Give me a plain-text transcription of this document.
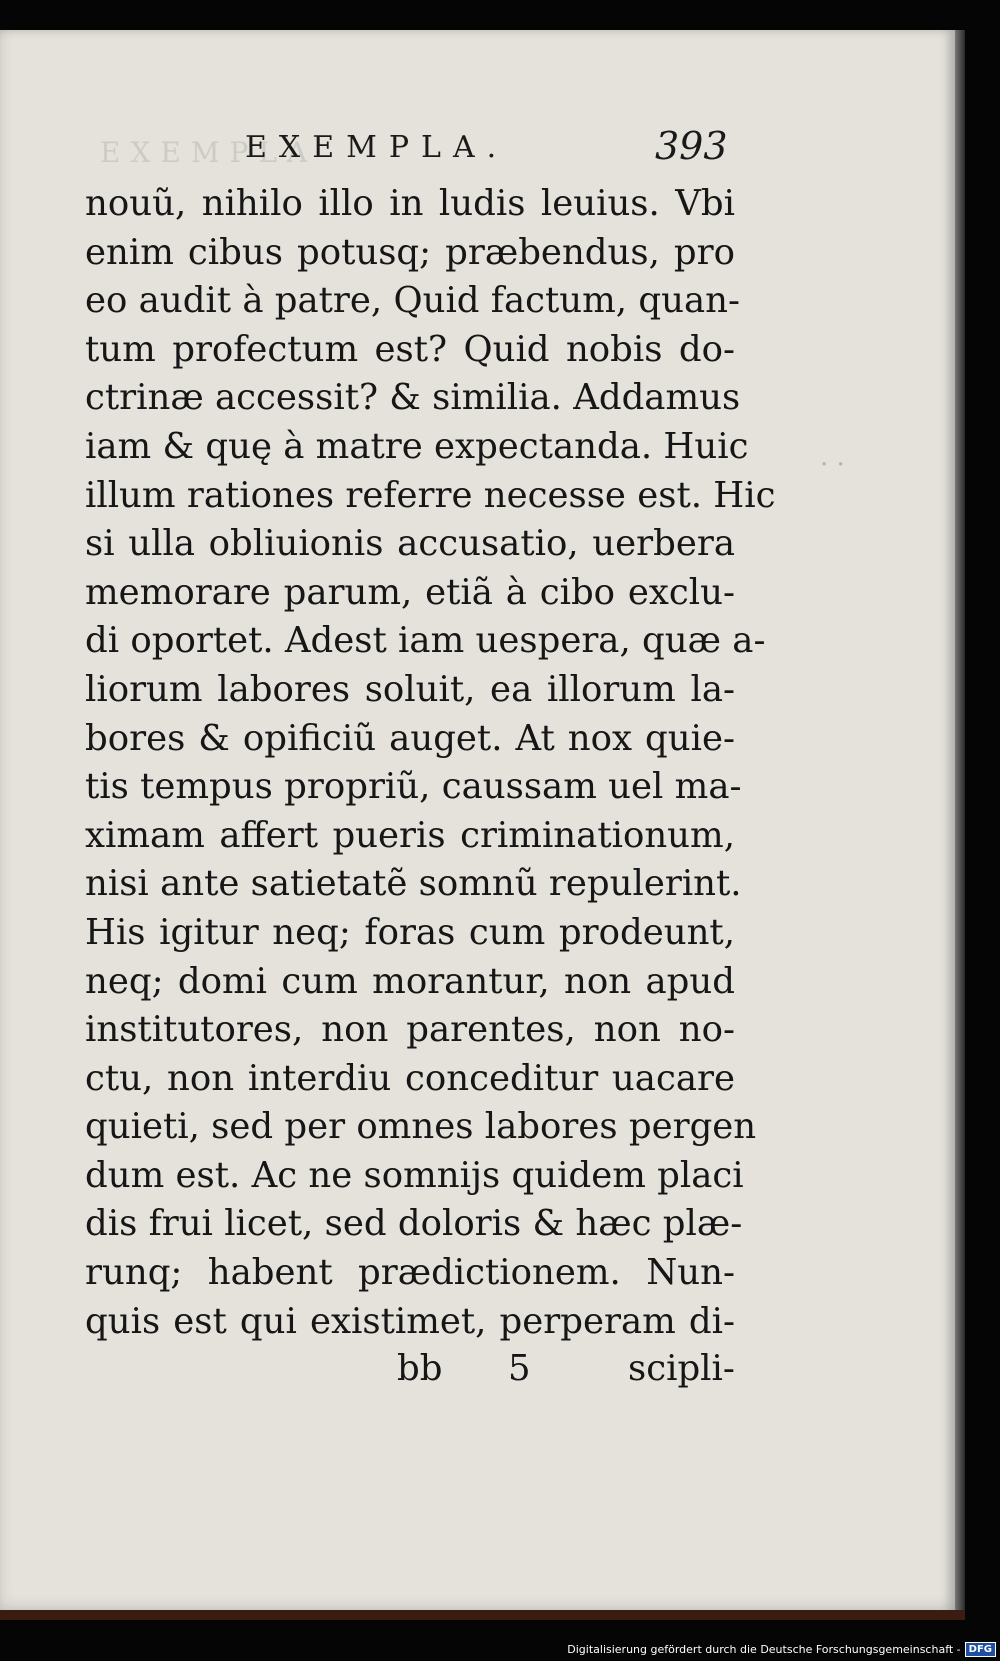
EXEMPLA
EXEMPLA.	393
nouũ, nihilo illo in ludis leuius. Vbi
enim cibus potusq; præbendus, pro
eo audit à patre, Quid factum, quan-
tum profectum est? Quid nobis do-
ctrinæ accessit? & similia. Addamus
iam & quę à matre expectanda. Huic
illum rationes referre necesse est. Hic
si ulla obliuionis accusatio, uerbera
memorare parum, etiã à cibo exclu-
di oportet. Adest iam uespera, quæ a-
liorum labores soluit, ea illorum la-
bores & opificiũ auget. At nox quie-
tis tempus propriũ, caussam uel ma-
ximam affert pueris criminationum,
nisi ante satietatẽ somnũ repulerint.
His igitur neq; foras cum prodeunt,
neq; domi cum morantur, non apud
institutores, non parentes, non no-
ctu, non interdiu conceditur uacare
quieti, sed per omnes labores pergen
dum est. Ac ne somnijs quidem placi
dis frui licet, sed doloris & hæc plæ-
runq; habent prædictionem. Nun-
quis est qui existimet, perperam di-
bb 5	scipli-
· ·
Digitalisierung gefördert durch die Deutsche Forschungsgemeinschaft - DFG
